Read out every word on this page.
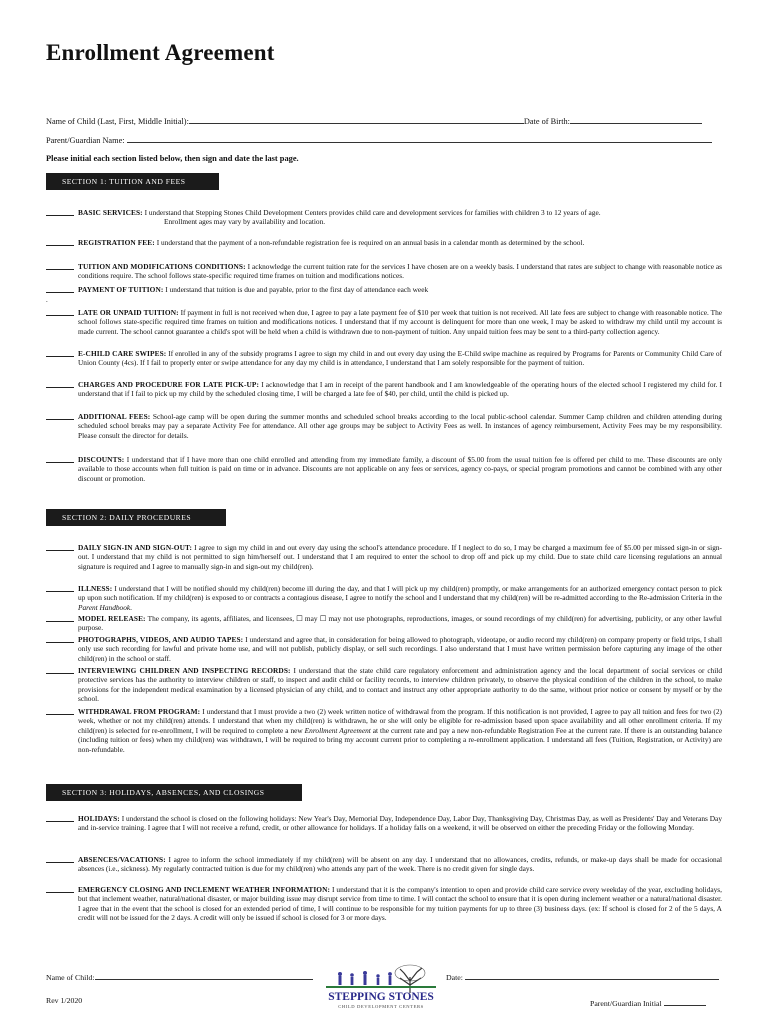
Enrollment Agreement
Name of Child (Last, First, Middle Initial):	Date of Birth:
Parent/Guardian Name:
Please initial each section listed below, then sign and date the last page.
SECTION 1: TUITION AND FEES
BASIC SERVICES: I understand that Stepping Stones Child Development Centers provides child care and development services for families with children 3 to 12 years of age.
Enrollment ages may vary by availability and location.
REGISTRATION FEE: I understand that the payment of a non-refundable registration fee is required on an annual basis in a calendar month as determined by the school.
TUITION AND MODIFICATIONS CONDITIONS: I acknowledge the current tuition rate for the services I have chosen are on a weekly basis. I understand that rates are subject to change with reasonable notice as conditions require. The school follows state-specific required time frames on tuition and modifications notices.
PAYMENT OF TUITION: I understand that tuition is due and payable, prior to the first day of attendance each week
.
LATE OR UNPAID TUITION: If payment in full is not received when due, I agree to pay a late payment fee of $10 per week that tuition is not received. All late fees are subject to change with reasonable notice. The school follows state-specific required time frames on tuition and modifications notices. I understand that if my account is delinquent for more than one week, I may be asked to withdraw my child until my account is made current. The school cannot guarantee a child's spot will be held when a child is withdrawn due to non-payment of tuition. Any unpaid tuition fees may be sent to a third-party collection agency.
E-CHILD CARE SWIPES: If enrolled in any of the subsidy programs I agree to sign my child in and out every day using the E-Child swipe machine as required by Programs for Parents or Community Child Care of Union County (4cs). If I fail to properly enter or swipe attendance for any day my child is in attendance, I understand that I am solely responsible for the payment of tuition.
CHARGES AND PROCEDURE FOR LATE PICK-UP: I acknowledge that I am in receipt of the parent handbook and I am knowledgeable of the operating hours of the elected school I registered my child for. I understand that if I fail to pick up my child by the scheduled closing time, I will be charged a late fee of $40, per child, until the child is picked up.
ADDITIONAL FEES: School-age camp will be open during the summer months and scheduled school breaks according to the local public-school calendar. Summer Camp children and children attending during scheduled school breaks may pay a separate Activity Fee for attendance. All other age groups may be subject to Activity Fees as well. In instances of agency reimbursement, Activity Fees may be my responsibility. Please consult the director for details.
DISCOUNTS: I understand that if I have more than one child enrolled and attending from my immediate family, a discount of $5.00 from the usual tuition fee is offered per child to me. These discounts are only available to those accounts when full tuition is paid on time or in advance. Discounts are not applicable on any fees or services, agency co-pays, or special program promotions and cannot be combined with any other discount or promotion.
SECTION 2: DAILY PROCEDURES
DAILY SIGN-IN AND SIGN-OUT: I agree to sign my child in and out every day using the school's attendance procedure. If I neglect to do so, I may be charged a maximum fee of $5.00 per missed sign-in or sign-out. I understand that my child is not permitted to sign him/herself out. I understand that I am required to enter the school to drop off and pick up my child. Due to state child care licensing regulations an annual signature is required and I agree to manually sign-in and sign-out my child(ren).
ILLNESS: I understand that I will be notified should my child(ren) become ill during the day, and that I will pick up my child(ren) promptly, or make arrangements for an authorized emergency contact person to pick up upon such notification. If my child(ren) is exposed to or contracts a contagious disease, I agree to notify the school and I understand that my child(ren) will be re-admitted according to the Re-admission Criteria in the Parent Handbook.
MODEL RELEASE: The company, its agents, affiliates, and licensees, ☐ may ☐ may not use photographs, reproductions, images, or sound recordings of my child(ren) for advertising, publicity, or any other lawful purpose.
PHOTOGRAPHS, VIDEOS, AND AUDIO TAPES: I understand and agree that, in consideration for being allowed to photograph, videotape, or audio record my child(ren) on company property or field trips, I shall only use such recording for lawful and private home use, and will not publish, publicly display, or sell such recordings. I also understand that I must have written permission before capturing any image of the other child(ren) in the school or staff.
INTERVIEWING CHILDREN AND INSPECTING RECORDS: I understand that the state child care regulatory enforcement and administration agency and the local department of social services or child protective services has the authority to interview children or staff, to inspect and audit child or facility records, to interview children privately, to observe the physical condition of the children in the school, to make provisions for the independent medical examination by a licensed physician of any child, and to contact and instruct any other appropriate authority to do the same, without prior notice or consent by myself or by the school.
WITHDRAWAL FROM PROGRAM: I understand that I must provide a two (2) week written notice of withdrawal from the program. If this notification is not provided, I agree to pay all tuition and fees for two (2) week, whether or not my child(ren) attends. I understand that when my child(ren) is withdrawn, he or she will only be eligible for re-admission based upon space availability and all other enrollment criteria. If my child(ren) is selected for re-enrollment, I will be required to complete a new Enrollment Agreement at the current rate and pay a new non-refundable Registration Fee at the current rate. If there is an outstanding balance (including tuition or fees) when my child(ren) was withdrawn, I will be required to bring my account current prior to completing a re-enrollment application. I understand all fees (Tuition, Registration, or Activity) are non-refundable.
SECTION 3: HOLIDAYS, ABSENCES, AND CLOSINGS
HOLIDAYS: I understand the school is closed on the following holidays: New Year's Day, Memorial Day, Independence Day, Labor Day, Thanksgiving Day, Christmas Day, as well as Presidents' Day and Veterans Day and in-service training. I agree that I will not receive a refund, credit, or other allowance for holidays. If a holiday falls on a weekend, it will be observed on either the preceding Friday or the following Monday.
ABSENCES/VACATIONS: I agree to inform the school immediately if my child(ren) will be absent on any day. I understand that no allowances, credits, refunds, or make-up days shall be made for occasional absences (i.e., sickness). My regularly contracted tuition is due for my child(ren) who attends any part of the week. There is no credit given for single days.
EMERGENCY CLOSING AND INCLEMENT WEATHER INFORMATION: I understand that it is the company's intention to open and provide child care service every weekday of the year, excluding holidays, but that inclement weather, natural/national disaster, or major building issue may disrupt service from time to time. I will contact the school to ensure that it is open during inclement weather or a natural/national disaster. I agree that in the event that the school is closed for an extended period of time, I will continue to be responsible for my tuition payments for up to three (3) business days. (ex: If school is closed for 2 of the 5 days, A credit will not be issued for the 2 days. A credit will only be issued if school is closed for 3 or more days.
Name of Child:	Date:
STEPPING STONES
CHILD DEVELOPMENT CENTERS
Rev 1/2020	Parent/Guardian Initial
